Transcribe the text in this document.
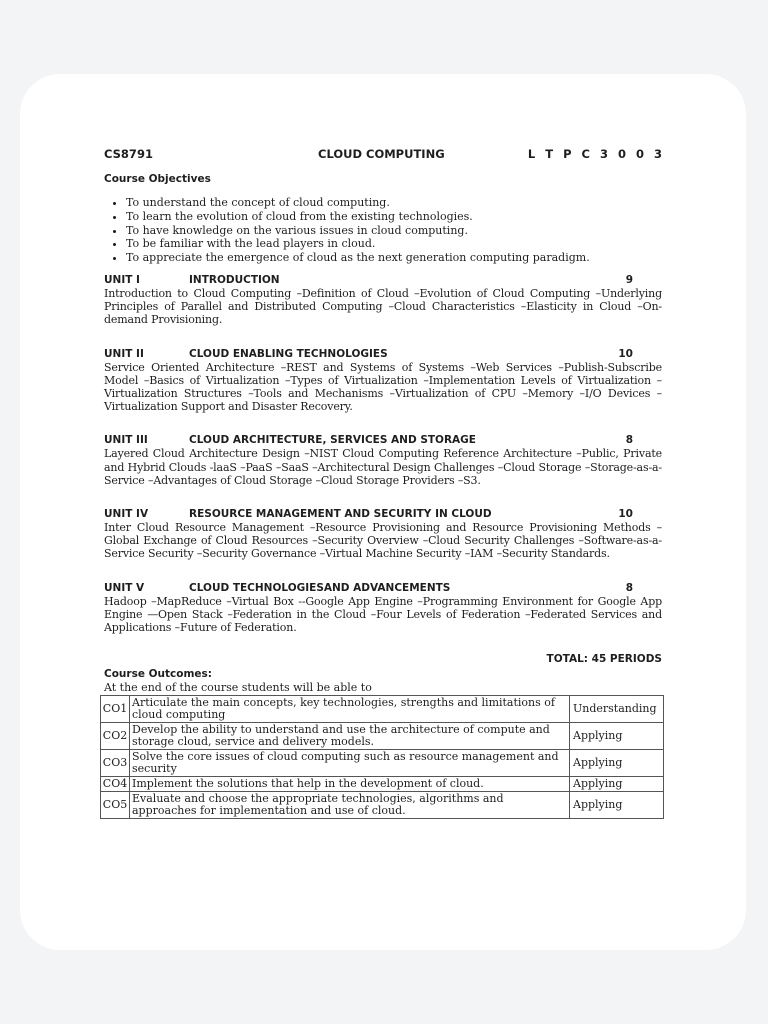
CS8791	CLOUD COMPUTING	L T P C 3 0 0 3
Course Objectives
• To understand the concept of cloud computing.
• To learn the evolution of cloud from the existing technologies.
• To have knowledge on the various issues in cloud computing.
• To be familiar with the lead players in cloud.
• To appreciate the emergence of cloud as the next generation computing paradigm.
UNIT I	INTRODUCTION	9
Introduction to Cloud Computing –Definition of Cloud –Evolution of Cloud Computing –Underlying Principles of Parallel and Distributed Computing –Cloud Characteristics –Elasticity in Cloud –On-demand Provisioning.
UNIT II	CLOUD ENABLING TECHNOLOGIES	10
Service Oriented Architecture –REST and Systems of Systems –Web Services –Publish-Subscribe Model –Basics of Virtualization –Types of Virtualization –Implementation Levels of Virtualization –Virtualization Structures –Tools and Mechanisms –Virtualization of CPU –Memory –I/O Devices –Virtualization Support and Disaster Recovery.
UNIT III	CLOUD ARCHITECTURE, SERVICES AND STORAGE	8
Layered Cloud Architecture Design –NIST Cloud Computing Reference Architecture –Public, Private and Hybrid Clouds -laaS –PaaS –SaaS –Architectural Design Challenges –Cloud Storage –Storage-as-a-Service –Advantages of Cloud Storage –Cloud Storage Providers –S3.
UNIT IV	RESOURCE MANAGEMENT AND SECURITY IN CLOUD	10
Inter Cloud Resource Management –Resource Provisioning and Resource Provisioning Methods –Global Exchange of Cloud Resources –Security Overview –Cloud Security Challenges –Software-as-a-Service Security –Security Governance –Virtual Machine Security –IAM –Security Standards.
UNIT V	CLOUD TECHNOLOGIESAND ADVANCEMENTS	8
Hadoop –MapReduce –Virtual Box --Google App Engine –Programming Environment for Google App Engine —Open Stack –Federation in the Cloud –Four Levels of Federation –Federated Services and Applications –Future of Federation.
TOTAL: 45 PERIODS
Course Outcomes:
At the end of the course students will be able to
CO1	Articulate the main concepts, key technologies, strengths and limitations of cloud computing	Understanding
CO2	Develop the ability to understand and use the architecture of compute and storage cloud, service and delivery models.	Applying
CO3	Solve the core issues of cloud computing such as resource management and security	Applying
CO4	Implement the solutions that help in the development of cloud.	Applying
CO5	Evaluate and choose the appropriate technologies, algorithms and approaches for implementation and use of cloud.	Applying
